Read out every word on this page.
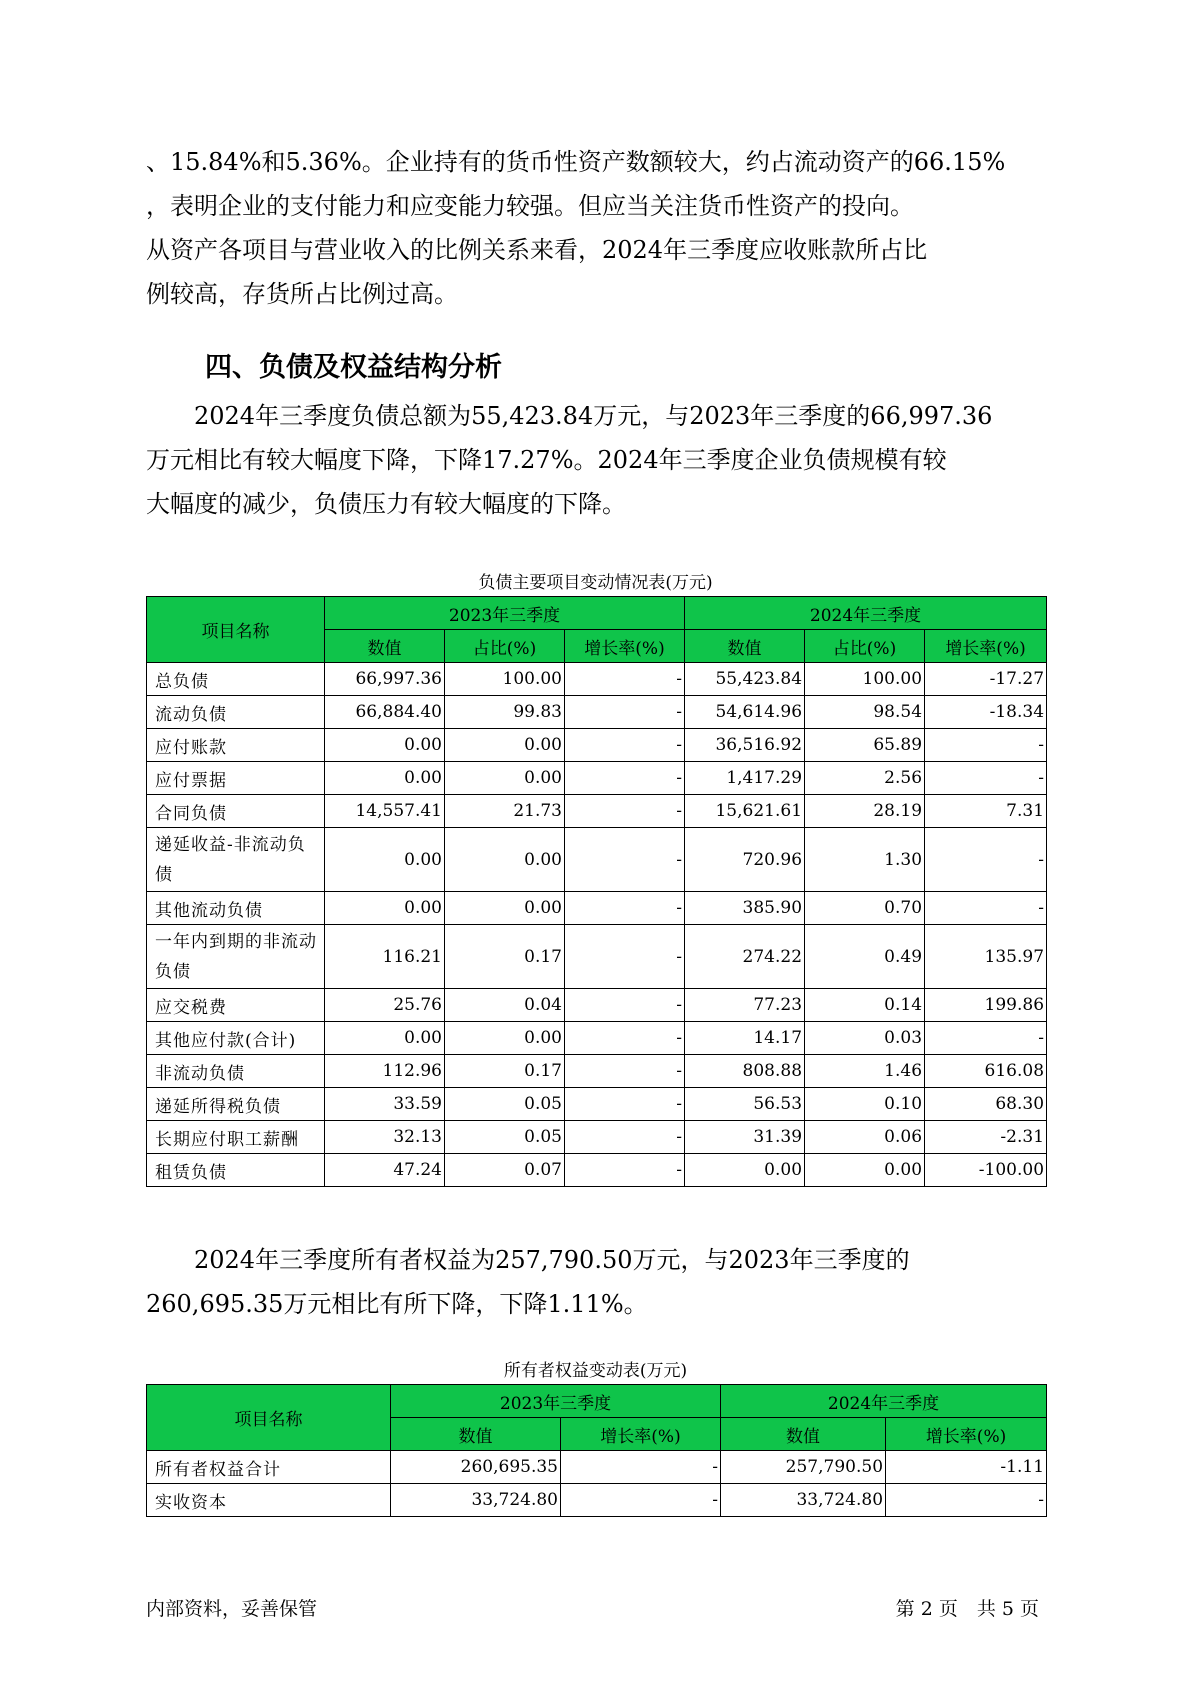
、15.84%和5.36%。企业持有的货币性资产数额较大，约占流动资产的66.15%
，表明企业的支付能力和应变能力较强。但应当关注货币性资产的投向。
从资产各项目与营业收入的比例关系来看，2024年三季度应收账款所占比
例较高，存货所占比例过高。
四、负债及权益结构分析
　　2024年三季度负债总额为55,423.84万元，与2023年三季度的66,997.36
万元相比有较大幅度下降，下降17.27%。2024年三季度企业负债规模有较
大幅度的减少，负债压力有较大幅度的下降。

负债主要项目变动情况表(万元)

项目名称	2023年三季度			2024年三季度		
	数值	占比(%)	增长率(%)	数值	占比(%)	增长率(%)
总负债	66,997.36	100.00	-	55,423.84	100.00	-17.27
流动负债	66,884.40	99.83	-	54,614.96	98.54	-18.34
应付账款	0.00	0.00	-	36,516.92	65.89	-
应付票据	0.00	0.00	-	1,417.29	2.56	-
合同负债	14,557.41	21.73	-	15,621.61	28.19	7.31
递延收益-非流动负债	0.00	0.00	-	720.96	1.30	-
其他流动负债	0.00	0.00	-	385.90	0.70	-
一年内到期的非流动负债	116.21	0.17	-	274.22	0.49	135.97
应交税费	25.76	0.04	-	77.23	0.14	199.86
其他应付款(合计)	0.00	0.00	-	14.17	0.03	-
非流动负债	112.96	0.17	-	808.88	1.46	616.08
递延所得税负债	33.59	0.05	-	56.53	0.10	68.30
长期应付职工薪酬	32.13	0.05	-	31.39	0.06	-2.31
租赁负债	47.24	0.07	-	0.00	0.00	-100.00
　　2024年三季度所有者权益为257,790.50万元，与2023年三季度的
260,695.35万元相比有所下降，下降1.11%。

所有者权益变动表(万元)

项目名称	2023年三季度		2024年三季度	
	数值	增长率(%)	数值	增长率(%)
所有者权益合计	260,695.35	-	257,790.50	-1.11
实收资本	33,724.80	-	33,724.80	-

内部资料，妥善保管	第 2 页　共 5 页
